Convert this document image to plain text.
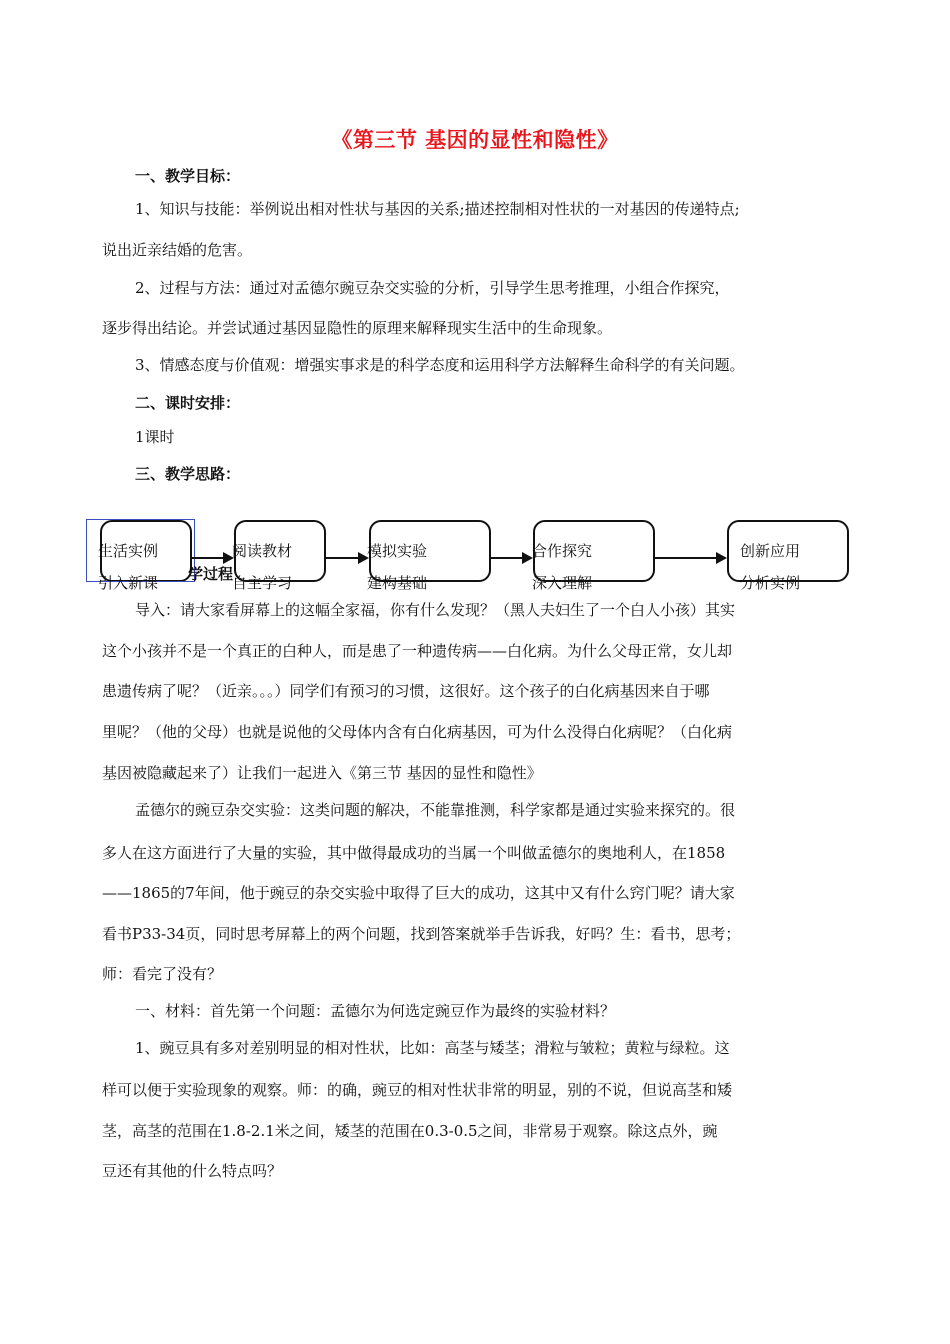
《第三节 基因的显性和隐性》
一、教学目标：
1、知识与技能：举例说出相对性状与基因的关系;描述控制相对性状的一对基因的传递特点;
说出近亲结婚的危害。
2、过程与方法：通过对孟德尔豌豆杂交实验的分析，引导学生思考推理，小组合作探究，
逐步得出结论。并尝试通过基因显隐性的原理来解释现实生活中的生命现象。
3、情感态度与价值观：增强实事求是的科学态度和运用科学方法解释生命科学的有关问题。
二、课时安排：
1课时
三、教学思路：
生活实例
引入新课
阅读教材
自主学习
模拟实验
建构基础
合作探究
深入理解
创新应用
分析实例
学过程
导入：请大家看屏幕上的这幅全家福，你有什么发现？（黑人夫妇生了一个白人小孩）其实
这个小孩并不是一个真正的白种人，而是患了一种遗传病——白化病。为什么父母正常，女儿却
患遗传病了呢？（近亲。。。）同学们有预习的习惯，这很好。这个孩子的白化病基因来自于哪
里呢？（他的父母）也就是说他的父母体内含有白化病基因，可为什么没得白化病呢？（白化病
基因被隐藏起来了）让我们一起进入《第三节 基因的显性和隐性》
孟德尔的豌豆杂交实验：这类问题的解决，不能靠推测，科学家都是通过实验来探究的。很
多人在这方面进行了大量的实验，其中做得最成功的当属一个叫做孟德尔的奥地利人，在1858
——1865的7年间，他于豌豆的杂交实验中取得了巨大的成功，这其中又有什么窍门呢？请大家
看书P33-34页，同时思考屏幕上的两个问题，找到答案就举手告诉我，好吗？生：看书，思考；
师：看完了没有？
一、材料：首先第一个问题：孟德尔为何选定豌豆作为最终的实验材料？
1、豌豆具有多对差别明显的相对性状，比如：高茎与矮茎；滑粒与皱粒；黄粒与绿粒。这
样可以便于实验现象的观察。师：的确，豌豆的相对性状非常的明显，别的不说，但说高茎和矮
茎，高茎的范围在1.8-2.1米之间，矮茎的范围在0.3-0.5之间，非常易于观察。除这点外，豌
豆还有其他的什么特点吗？
